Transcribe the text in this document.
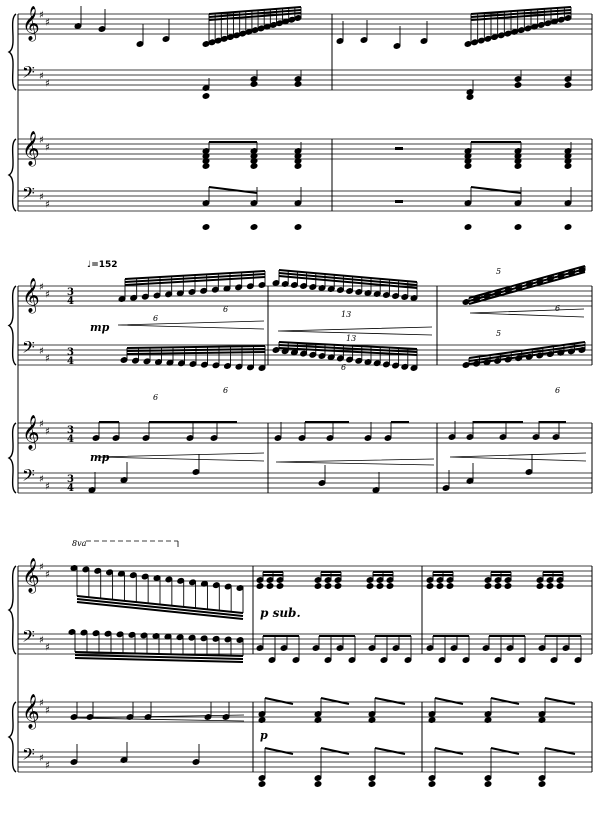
𝄞 ♯
♯
𝄢 ♯
♯
𝄞 ♯
♯
𝄢 ♯
♯
𝄞 ♯
♯
𝄢 ♯
♯
𝄞 ♯
♯
𝄢 ♯
♯
𝄞 ♯
♯
𝄢 ♯
♯
𝄞 ♯
♯
𝄢 ♯
♯
♩=152
3
4
3
4
3
4
3
4
mp
mp
6
6
13
13
6
5
6
5
6
6
6
8va
p sub.
p
